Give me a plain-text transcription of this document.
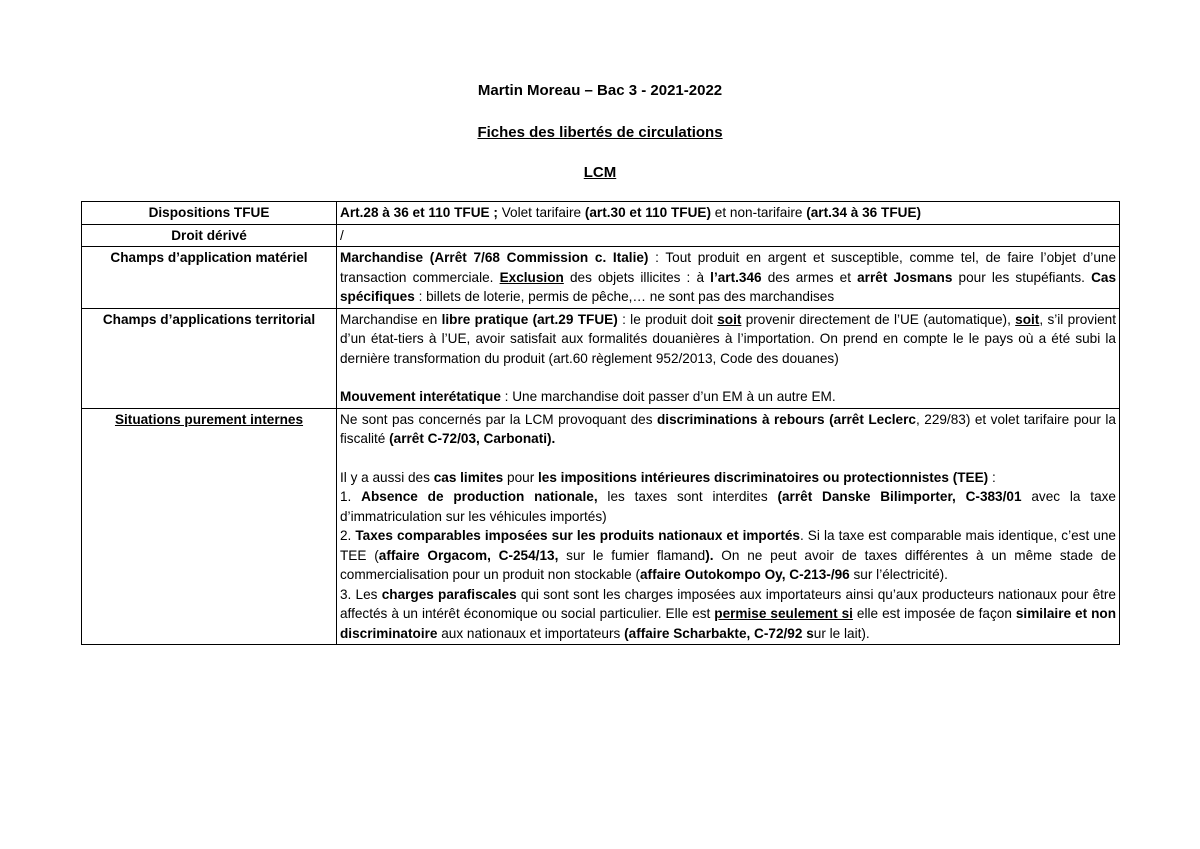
Martin Moreau – Bac 3 - 2021-2022
Fiches des libertés de circulations
LCM
Dispositions TFUE	Art.28 à 36 et 110 TFUE ; Volet tarifaire (art.30 et 110 TFUE) et non-tarifaire (art.34 à 36 TFUE)
Droit dérivé	/
Champs d’application matériel	Marchandise (Arrêt 7/68 Commission c. Italie) : Tout produit en argent et susceptible, comme tel, de faire l’objet d’une transaction commerciale. Exclusion des objets illicites : à l’art.346 des armes et arrêt Josmans pour les stupéfiants. Cas spécifiques : billets de loterie, permis de pêche,… ne sont pas des marchandises
Champs d’applications territorial	Marchandise en libre pratique (art.29 TFUE) : le produit doit soit provenir directement de l’UE (automatique), soit, s’il provient d’un état-tiers à l’UE, avoir satisfait aux formalités douanières à l’importation. On prend en compte le le pays où a été subi la dernière transformation du produit (art.60 règlement 952/2013, Code des douanes)
Mouvement interétatique : Une marchandise doit passer d’un EM à un autre EM.

Situations purement internes	Ne sont pas concernés par la LCM provoquant des discriminations à rebours (arrêt Leclerc, 229/83) et volet tarifaire pour la fiscalité (arrêt C-72/03, Carbonati).
Il y a aussi des cas limites pour les impositions intérieures discriminatoires ou protectionnistes (TEE) :
1. Absence de production nationale, les taxes sont interdites (arrêt Danske Bilimporter, C-383/01 avec la taxe d’immatriculation sur les véhicules importés)
2. Taxes comparables imposées sur les produits nationaux et importés. Si la taxe est comparable mais identique, c’est une TEE (affaire Orgacom, C-254/13, sur le fumier flamand). On ne peut avoir de taxes différentes à un même stade de commercialisation pour un produit non stockable (affaire Outokompo Oy, C-213-/96 sur l’électricité).
3. Les charges parafiscales qui sont sont les charges imposées aux importateurs ainsi qu’aux producteurs nationaux pour être affectés à un intérêt économique ou social particulier. Elle est permise seulement si elle est imposée de façon similaire et non discriminatoire aux nationaux et importateurs (affaire Scharbakte, C-72/92 sur le lait).
